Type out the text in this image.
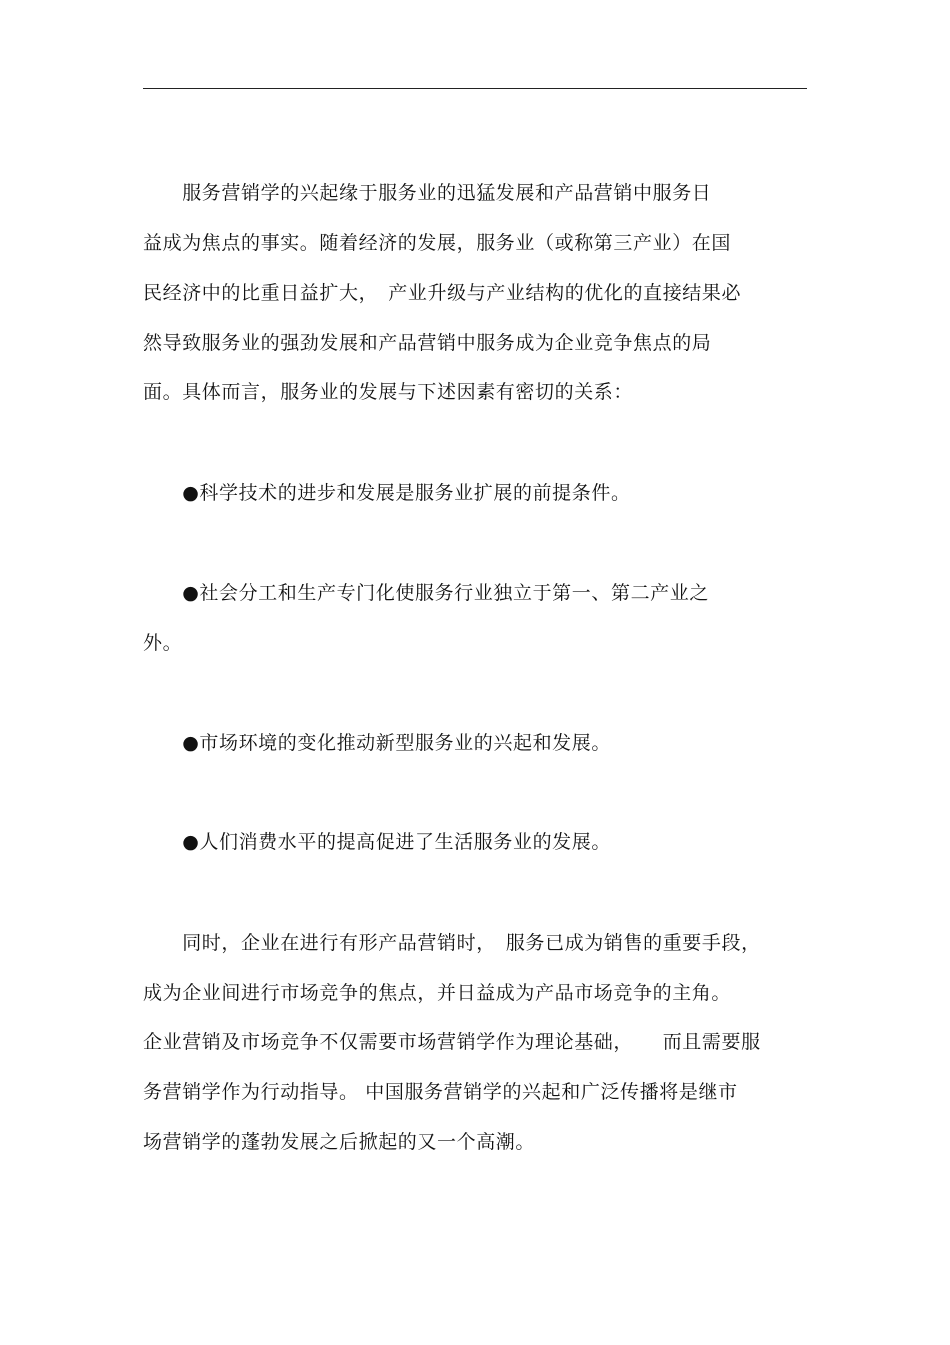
　　服务营销学的兴起缘于服务业的迅猛发展和产品营销中服务日
益成为焦点的事实。随着经济的发展，服务业（或称第三产业）在国
民经济中的比重日益扩大，　产业升级与产业结构的优化的直接结果必
然导致服务业的强劲发展和产品营销中服务成为企业竞争焦点的局
面。具体而言，服务业的发展与下述因素有密切的关系：
　　●科学技术的进步和发展是服务业扩展的前提条件。
　　●社会分工和生产专门化使服务行业独立于第一、第二产业之
外。
　　●市场环境的变化推动新型服务业的兴起和发展。
　　●人们消费水平的提高促进了生活服务业的发展。
　　同时，企业在进行有形产品营销时，　服务已成为销售的重要手段，
成为企业间进行市场竞争的焦点，并日益成为产品市场竞争的主角。
企业营销及市场竞争不仅需要市场营销学作为理论基础，　　而且需要服
务营销学作为行动指导。 中国服务营销学的兴起和广泛传播将是继市
场营销学的蓬勃发展之后掀起的又一个高潮。
